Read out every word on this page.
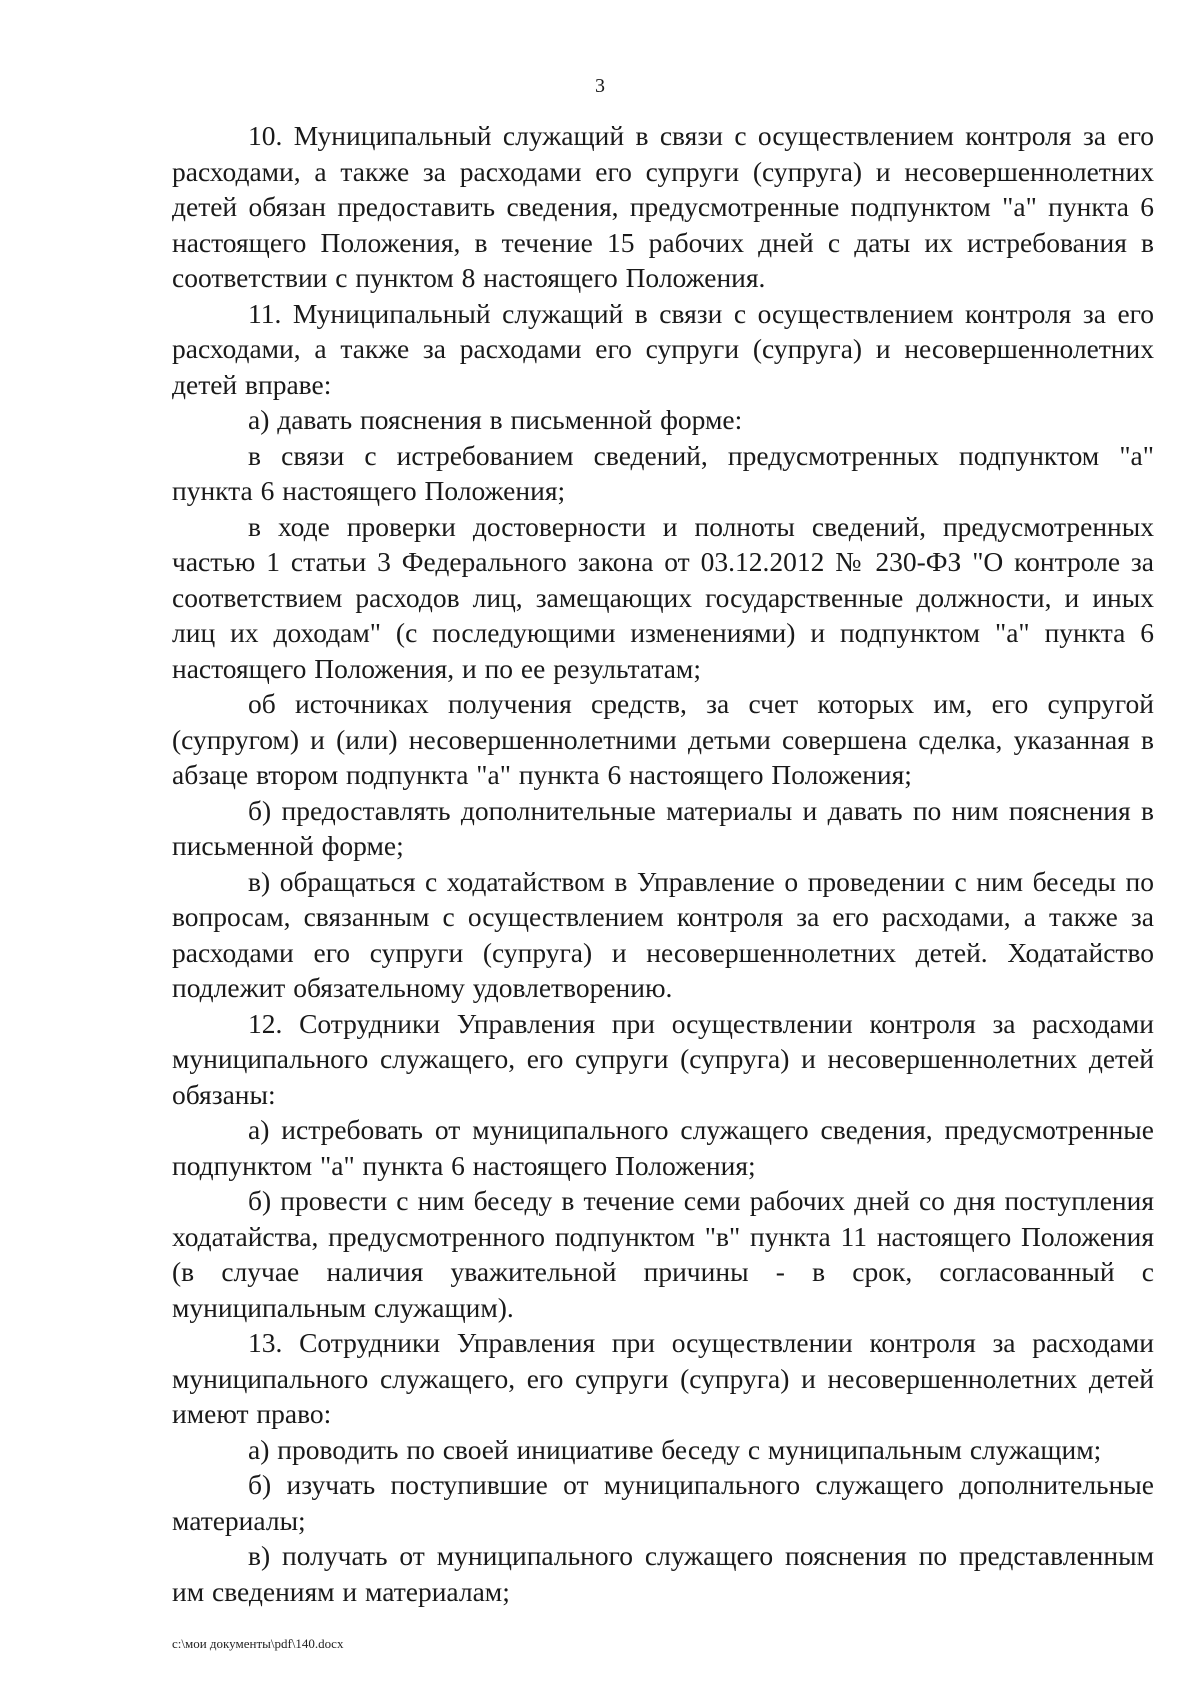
3

10. Муниципальный служащий в связи с осуществлением контроля за его расходами, а также за расходами его супруги (супруга) и несовершеннолетних детей обязан предоставить сведения, предусмотренные подпунктом "а" пункта 6 настоящего Положения, в течение 15 рабочих дней с даты их истребования в соответствии с пунктом 8 настоящего Положения.

11. Муниципальный служащий в связи с осуществлением контроля за его расходами, а также за расходами его супруги (супруга) и несовершеннолетних детей вправе:

а) давать пояснения в письменной форме:

в связи с истребованием сведений, предусмотренных подпунктом "а" пункта 6 настоящего Положения;

в ходе проверки достоверности и полноты сведений, предусмотренных частью 1 статьи 3 Федерального закона от 03.12.2012 № 230-ФЗ "О контроле за соответствием расходов лиц, замещающих государственные должности, и иных лиц их доходам" (с последующими изменениями) и подпунктом "а" пункта 6 настоящего Положения, и по ее результатам;

об источниках получения средств, за счет которых им, его супругой (супругом) и (или) несовершеннолетними детьми совершена сделка, указанная в абзаце втором подпункта "а" пункта 6 настоящего Положения;

б) предоставлять дополнительные материалы и давать по ним пояснения в письменной форме;

в) обращаться с ходатайством в Управление о проведении с ним беседы по вопросам, связанным с осуществлением контроля за его расходами, а также за расходами его супруги (супруга) и несовершеннолетних детей. Ходатайство подлежит обязательному удовлетворению.

12. Сотрудники Управления при осуществлении контроля за расходами муниципального служащего, его супруги (супруга) и несовершеннолетних детей обязаны:

а) истребовать от муниципального служащего сведения, предусмотренные подпунктом "а" пункта 6 настоящего Положения;

б) провести с ним беседу в течение семи рабочих дней со дня поступления ходатайства, предусмотренного подпунктом "в" пункта 11 настоящего Положения (в случае наличия уважительной причины - в срок, согласованный с муниципальным служащим).

13. Сотрудники Управления при осуществлении контроля за расходами муниципального служащего, его супруги (супруга) и несовершеннолетних детей имеют право:

а) проводить по своей инициативе беседу с муниципальным служащим;

б) изучать поступившие от муниципального служащего дополнительные материалы;

в) получать от муниципального служащего пояснения по представленным им сведениям и материалам;

c:\мои документы\pdf\140.docx
